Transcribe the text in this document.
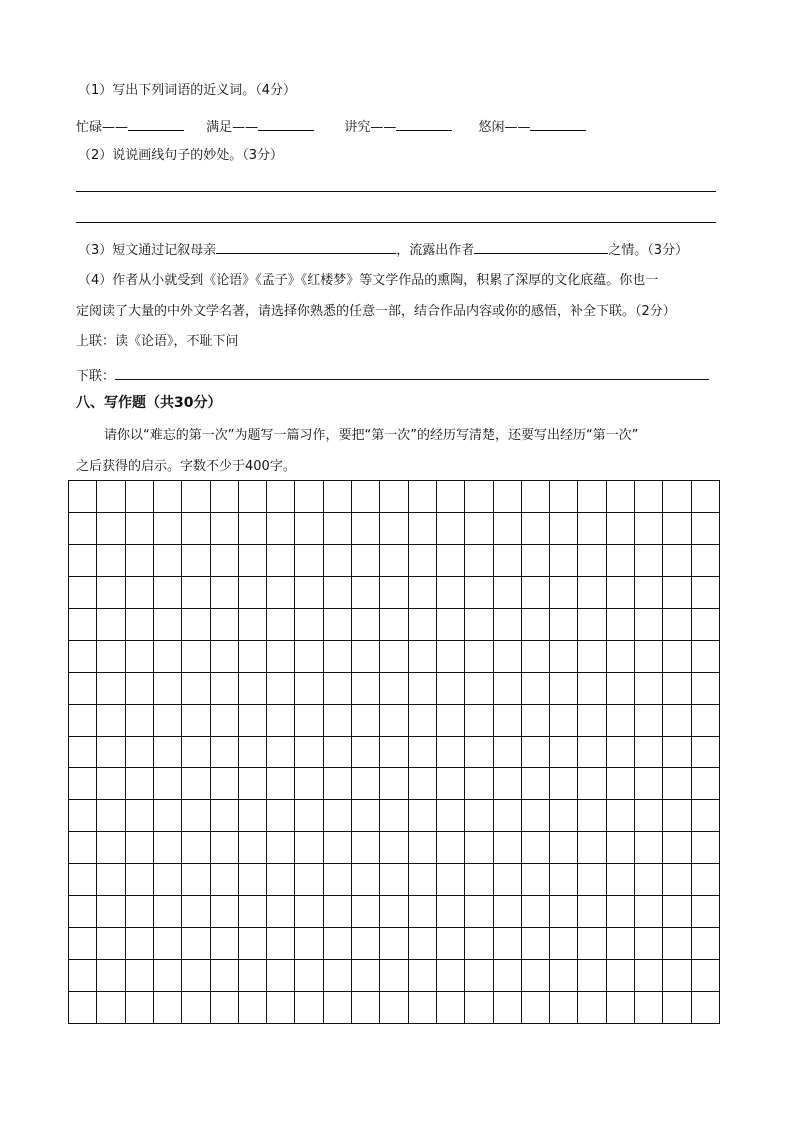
（1）写出下列词语的近义词。（4分）
忙碌——	满足——	讲究——	悠闲——
（2）说说画线句子的妙处。（3分）
（3）短文通过记叙母亲	，流露出作者	之情。（3分）
（4）作者从小就受到《论语》《孟子》《红楼梦》等文学作品的熏陶，积累了深厚的文化底蕴。你也一
定阅读了大量的中外文学名著，请选择你熟悉的任意一部，结合作品内容或你的感悟，补全下联。（2分）
上联：读《论语》，不耻下问
下联：
八、写作题（共30分）
请你以“难忘的第一次”为题写一篇习作，要把“第一次”的经历写清楚，还要写出经历“第一次”
之后获得的启示。字数不少于400字。
